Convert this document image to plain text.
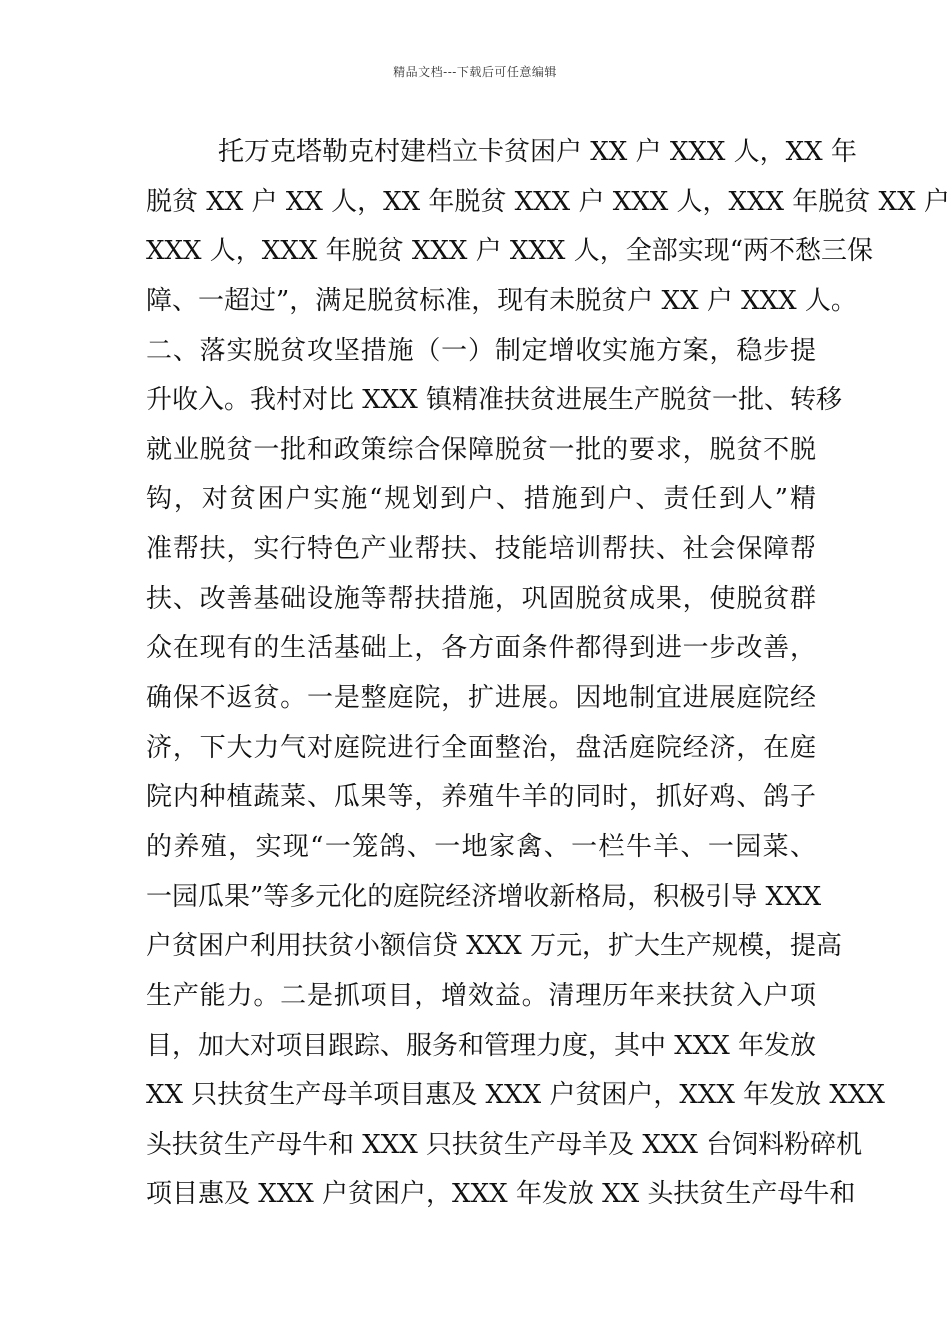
精品文档---下载后可任意编辑
托万克塔勒克村建档立卡贫困户 XX 户 XXX 人，XX 年
脱贫 XX 户 XX 人，XX 年脱贫 XXX 户 XXX 人，XXX 年脱贫 XX 户
XXX 人，XXX 年脱贫 XXX 户 XXX 人，全部实现“两不愁三保
障、一超过”，满足脱贫标准，现有未脱贫户 XX 户 XXX 人。
二、落实脱贫攻坚措施（一）制定增收实施方案，稳步提
升收入。我村对比 XXX 镇精准扶贫进展生产脱贫一批、转移
就业脱贫一批和政策综合保障脱贫一批的要求，脱贫不脱
钩，对贫困户实施“规划到户、措施到户、责任到人”精
准帮扶，实行特色产业帮扶、技能培训帮扶、社会保障帮
扶、改善基础设施等帮扶措施，巩固脱贫成果，使脱贫群
众在现有的生活基础上，各方面条件都得到进一步改善，
确保不返贫。一是整庭院，扩进展。因地制宜进展庭院经
济，下大力气对庭院进行全面整治，盘活庭院经济，在庭
院内种植蔬菜、瓜果等，养殖牛羊的同时，抓好鸡、鸽子
的养殖，实现“一笼鸽、一地家禽、一栏牛羊、一园菜、
一园瓜果”等多元化的庭院经济增收新格局，积极引导 XXX
户贫困户利用扶贫小额信贷 XXX 万元，扩大生产规模，提高
生产能力。二是抓项目，增效益。清理历年来扶贫入户项
目，加大对项目跟踪、服务和管理力度，其中 XXX 年发放
XX 只扶贫生产母羊项目惠及 XXX 户贫困户，XXX 年发放 XXX
头扶贫生产母牛和 XXX 只扶贫生产母羊及 XXX 台饲料粉碎机
项目惠及 XXX 户贫困户，XXX 年发放 XX 头扶贫生产母牛和
